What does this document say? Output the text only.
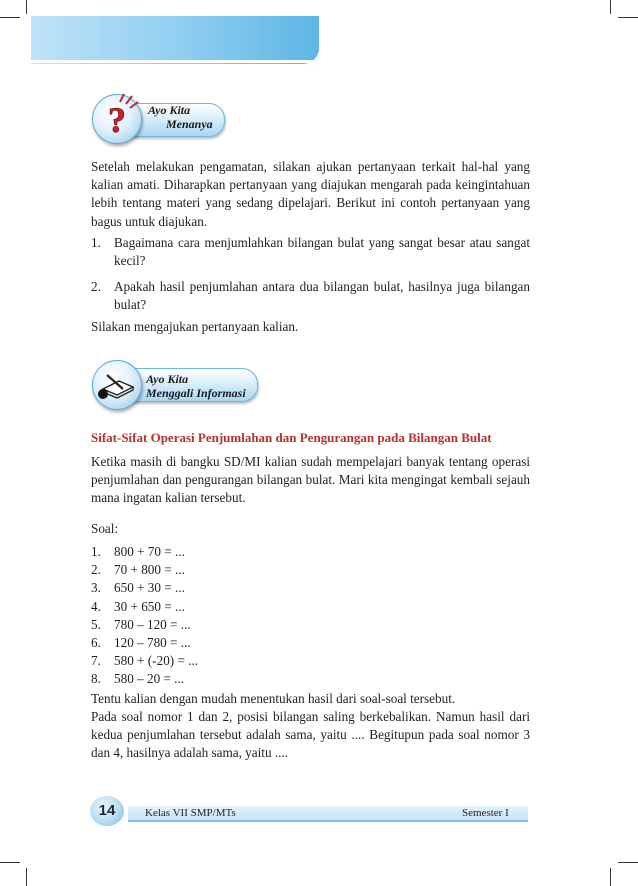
? Ayo Kita
Menanya

Setelah melakukan pengamatan, silakan ajukan pertanyaan terkait hal-hal yang kalian amati. Diharapkan pertanyaan yang diajukan mengarah pada keingintahuan lebih tentang materi yang sedang dipelajari. Berikut ini contoh pertanyaan yang bagus untuk diajukan.

1. Bagaimana cara menjumlahkan bilangan bulat yang sangat besar atau sangat kecil?
2. Apakah hasil penjumlahan antara dua bilangan bulat, hasilnya juga bilangan bulat?

Silakan mengajukan pertanyaan kalian.

Ayo Kita
Menggali Informasi
Sifat-Sifat Operasi Penjumlahan dan Pengurangan pada Bilangan Bulat

Ketika masih di bangku SD/MI kalian sudah mempelajari banyak tentang operasi penjumlahan dan pengurangan bilangan bulat. Mari kita mengingat kembali sejauh mana ingatan kalian tersebut.

Soal:

1. 800 + 70 = ...
2. 70 + 800 = ...
3. 650 + 30 = ...
4. 30 + 650 = ...
5. 780 – 120 = ...
6. 120 – 780 = ...
7. 580 + (-20) = ...
8. 580 – 20 = ...

Tentu kalian dengan mudah menentukan hasil dari soal-soal tersebut.

Pada soal nomor 1 dan 2, posisi bilangan saling berkebalikan. Namun hasil dari kedua penjumlahan tersebut adalah sama, yaitu .... Begitupun pada soal nomor 3 dan 4, hasilnya adalah sama, yaitu ....

14	Kelas VII SMP/MTs	Semester I
